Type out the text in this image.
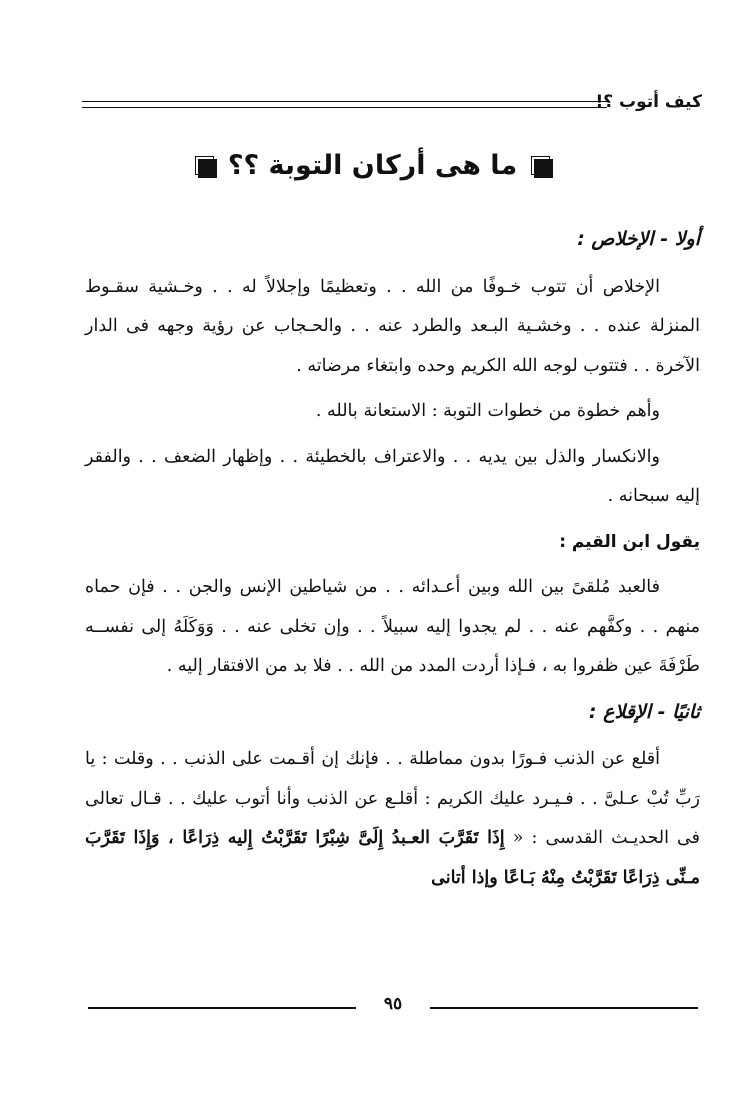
كيف أتوب ؟!
ما هى أركان التوبة ؟؟
أولا - الإخلاص :

الإخلاص أن تتوب خـوفًا من الله . . وتعظيمًا وإجلالاً له . . وخـشية سقـوط المنزلة عنده . . وخشـية البـعد والطرد عنه . . والحـجاب عن رؤية وجهه فى الدار الآخرة . . فتتوب لوجه الله الكريم وحده وابتغاء مرضاته .

وأهم خطوة من خطوات التوبة : الاستعانة بالله .

والانكسار والذل بين يديه . . والاعتراف بالخطيئة . . وإظهار الضعف . . والفقر إليه سبحانه .

يقول ابن القيم :

فالعبد مُلقىً بين الله وبين أعـدائه . . من شياطين الإنس والجن . . فإن حماه منهم . . وكفَّهم عنه . . لم يجدوا إليه سبيلاً . . وإن تخلى عنه . . وَوَكَلَهُ إلى نفســه طَرْفَةَ عين ظفروا به ، فـإذا أردت المدد من الله . . فلا بد من الافتقار إليه .

ثانيًا - الإقلاع :

أقلع عن الذنب فـورًا بدون مماطلة . . فإنك إن أقـمت على الذنب . . وقلت : يا رَبِّ تُبْ عـلىَّ . . فـيـرد عليك الكريم : أقلـع عن الذنب وأنا أتوب عليك . . قـال تعالى فى الحديـث القدسى : « إِذَا تَقَرَّبَ العـبدُ إِلَىَّ شِبْرًا تَقَرَّبْتُ إِليه ذِرَاعًا ، وَإِذَا تَقَرَّبَ مـنِّى ذِرَاعًا تَقَرَّبْتُ مِنْهُ بَـاعًا وإذا أتانى

٩٥
